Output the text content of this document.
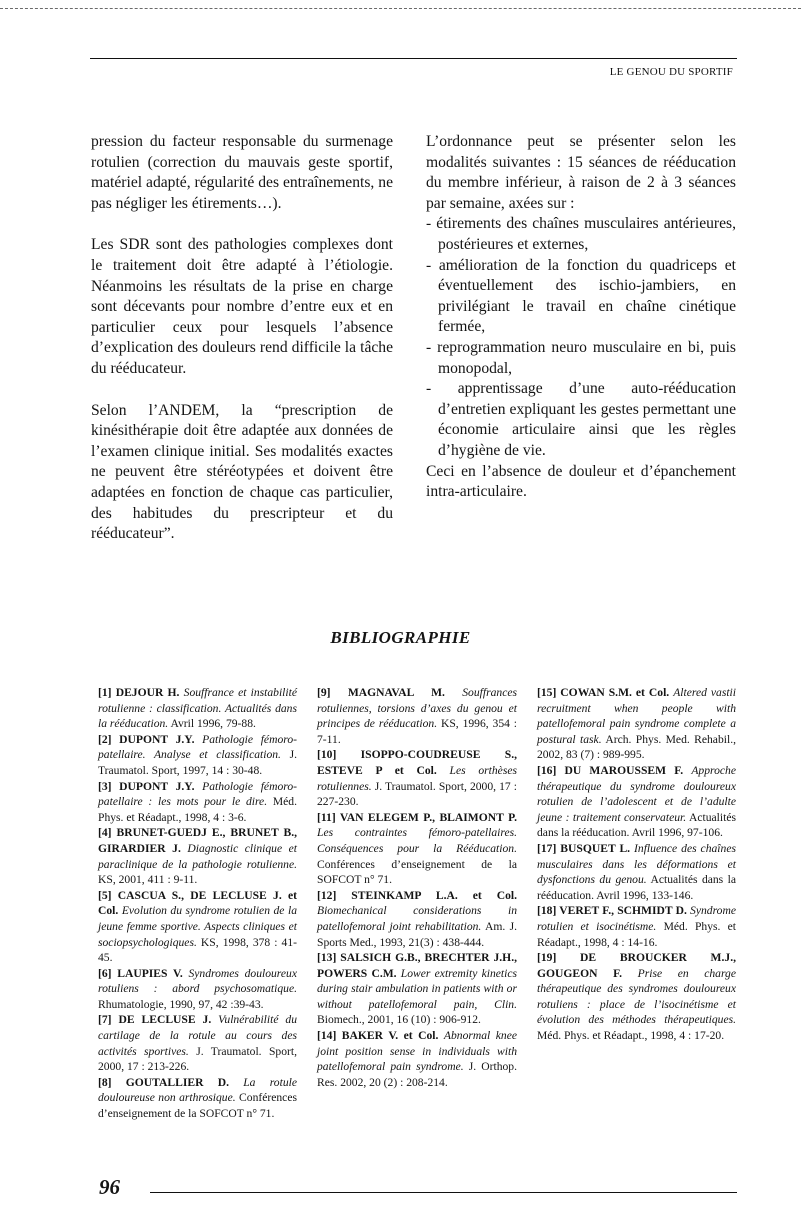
LE GENOU DU SPORTIF

pression du facteur responsable du surmenage rotulien (correction du mauvais geste sportif, matériel adapté, régularité des entraînements, ne pas négliger les étirements…).

Les SDR sont des pathologies complexes dont le traitement doit être adapté à l’étiologie. Néanmoins les résultats de la prise en charge sont décevants pour nombre d’entre eux et en particulier ceux pour lesquels l’absence d’explication des douleurs rend difficile la tâche du rééducateur.

Selon l’ANDEM, la “prescription de kinésithérapie doit être adaptée aux données de l’examen clinique initial. Ses modalités exactes ne peuvent être stéréotypées et doivent être adaptées en fonction de chaque cas particulier, des habitudes du prescripteur et du rééducateur”.

L’ordonnance peut se présenter selon les modalités suivantes : 15 séances de rééducation du membre inférieur, à raison de 2 à 3 séances par semaine, axées sur :

- étirements des chaînes musculaires antérieures, postérieures et externes,
- amélioration de la fonction du quadriceps et éventuellement des ischio-jambiers, en privilégiant le travail en chaîne cinétique fermée,
- reprogrammation neuro musculaire en bi, puis monopodal,
- apprentissage d’une auto-rééducation d’entretien expliquant les gestes permettant une économie articulaire ainsi que les règles d’hygiène de vie.

Ceci en l’absence de douleur et d’épanchement intra-articulaire.

BIBLIOGRAPHIE

[1] DEJOUR H. Souffrance et instabilité rotulienne : classification. Actualités dans la rééducation. Avril 1996, 79-88.

[2] DUPONT J.Y. Pathologie fémoro-patellaire. Analyse et classification. J. Traumatol. Sport, 1997, 14 : 30-48.

[3] DUPONT J.Y. Pathologie fémoro-patellaire : les mots pour le dire. Méd. Phys. et Réadapt., 1998, 4 : 3-6.

[4] BRUNET-GUEDJ E., BRUNET B., GIRARDIER J. Diagnostic clinique et paraclinique de la pathologie rotulienne. KS, 2001, 411 : 9-11.

[5] CASCUA S., DE LECLUSE J. et Col. Evolution du syndrome rotulien de la jeune femme sportive. Aspects cliniques et sociopsychologiques. KS, 1998, 378 : 41-45.

[6] LAUPIES V. Syndromes douloureux rotuliens : abord psychosomatique. Rhumatologie, 1990, 97, 42 :39-43.

[7] DE LECLUSE J. Vulnérabilité du cartilage de la rotule au cours des activités sportives. J. Traumatol. Sport, 2000, 17 : 213-226.

[8] GOUTALLIER D. La rotule douloureuse non arthrosique. Conférences d’enseignement de la SOFCOT n° 71.

[9] MAGNAVAL M. Souffrances rotuliennes, torsions d’axes du genou et principes de rééducation. KS, 1996, 354 : 7-11.

[10] ISOPPO-COUDREUSE S., ESTEVE P et Col. Les orthèses rotuliennes. J. Traumatol. Sport, 2000, 17 : 227-230.

[11] VAN ELEGEM P., BLAIMONT P. Les contraintes fémoro-patellaires. Conséquences pour la Rééducation. Conférences d’enseignement de la SOFCOT n° 71.

[12] STEINKAMP L.A. et Col. Biomechanical considerations in patellofemoral joint rehabilitation. Am. J. Sports Med., 1993, 21(3) : 438-444.

[13] SALSICH G.B., BRECHTER J.H., POWERS C.M. Lower extremity kinetics during stair ambulation in patients with or without patellofemoral pain, Clin. Biomech., 2001, 16 (10) : 906-912.

[14] BAKER V. et Col. Abnormal knee joint position sense in individuals with patellofemoral pain syndrome. J. Orthop. Res. 2002, 20 (2) : 208-214.

[15] COWAN S.M. et Col. Altered vastii recruitment when people with patellofemoral pain syndrome complete a postural task. Arch. Phys. Med. Rehabil., 2002, 83 (7) : 989-995.

[16] DU MAROUSSEM F. Approche thérapeutique du syndrome douloureux rotulien de l’adolescent et de l’adulte jeune : traitement conservateur. Actualités dans la rééducation. Avril 1996, 97-106.

[17] BUSQUET L. Influence des chaînes musculaires dans les déformations et dysfonctions du genou. Actualités dans la rééducation. Avril 1996, 133-146.

[18] VERET F., SCHMIDT D. Syndrome rotulien et isocinétisme. Méd. Phys. et Réadapt., 1998, 4 : 14-16.

[19] DE BROUCKER M.J., GOUGEON F. Prise en charge thérapeutique des syndromes douloureux rotuliens : place de l’isocinétisme et évolution des méthodes thérapeutiques. Méd. Phys. et Réadapt., 1998, 4 : 17-20.

96
